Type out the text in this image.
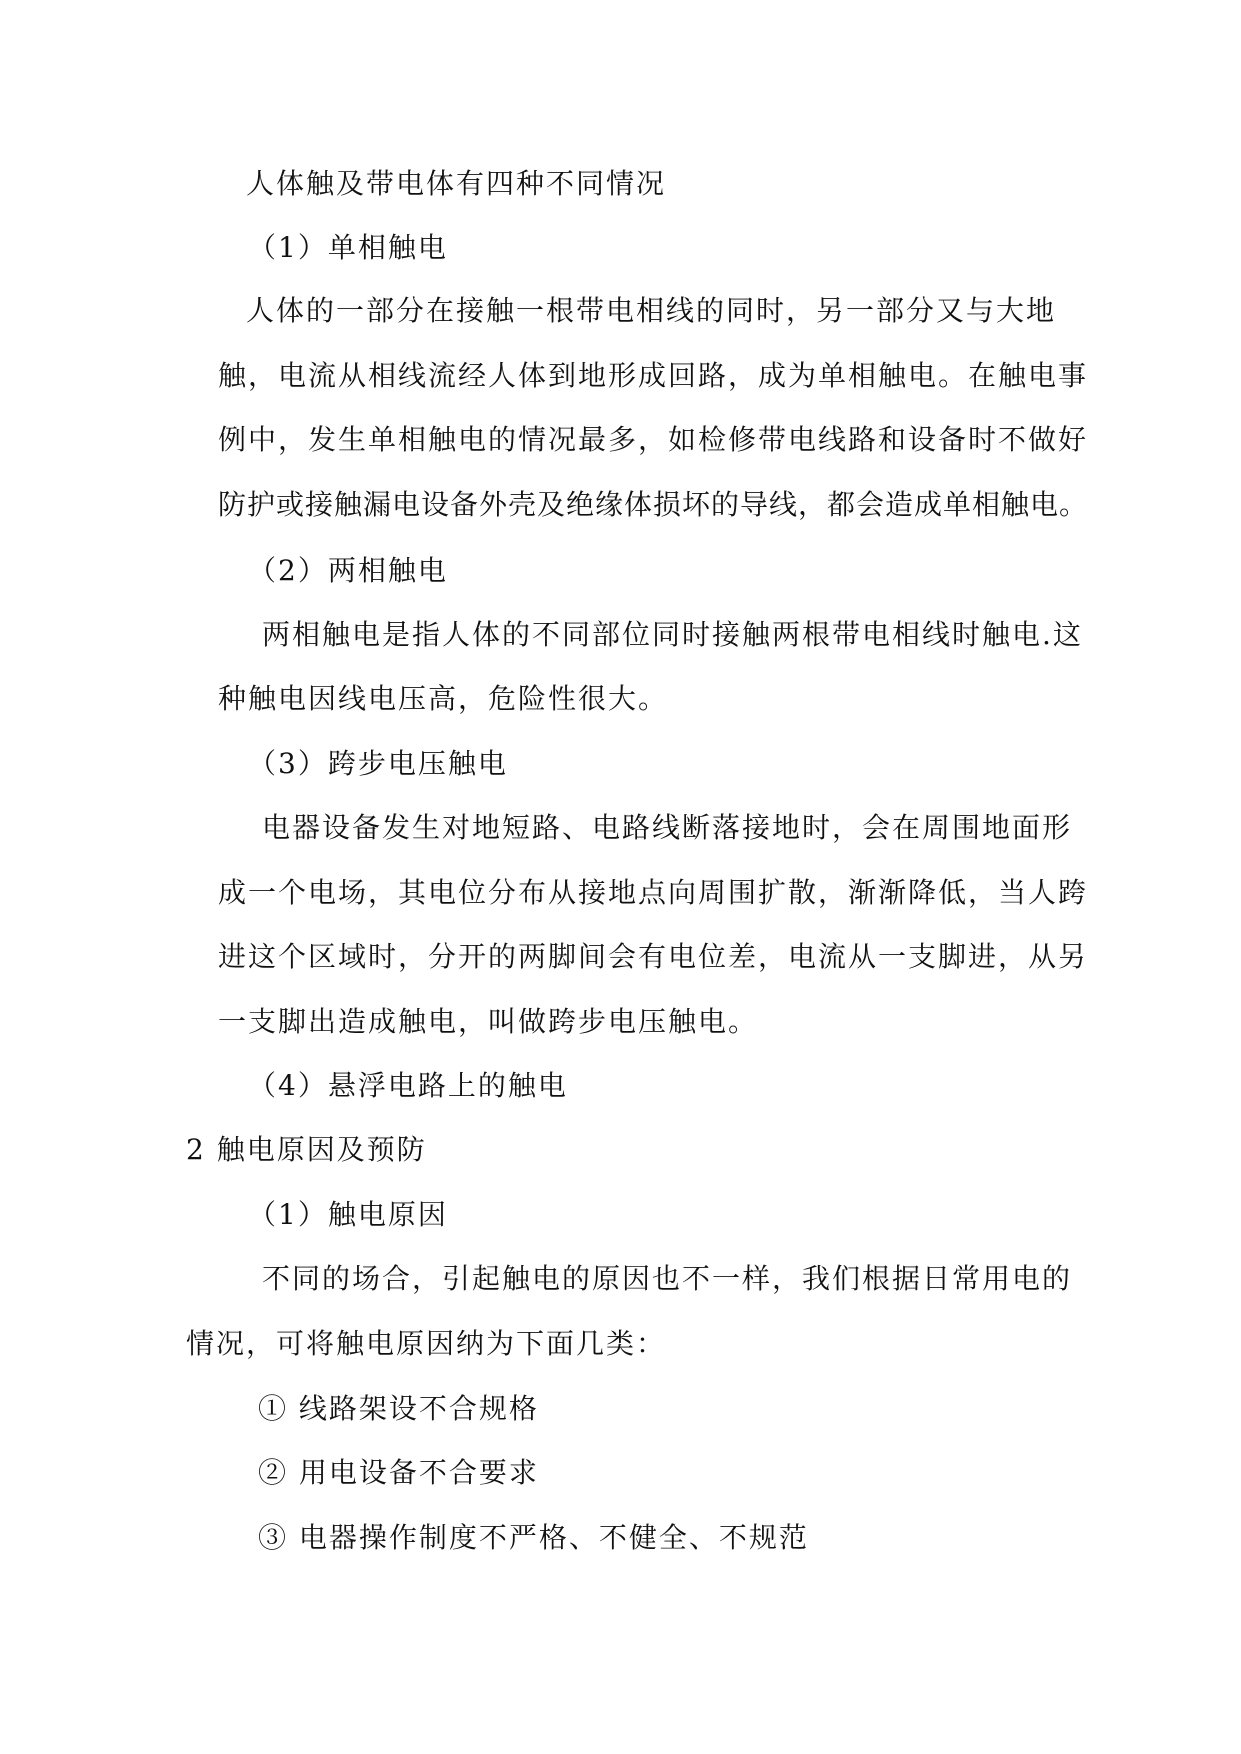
人体触及带电体有四种不同情况

（1）单相触电

人体的一部分在接触一根带电相线的同时，另一部分又与大地

触，电流从相线流经人体到地形成回路，成为单相触电。在触电事

例中，发生单相触电的情况最多，如检修带电线路和设备时不做好

防护或接触漏电设备外壳及绝缘体损坏的导线，都会造成单相触电。

（2）两相触电

两相触电是指人体的不同部位同时接触两根带电相线时触电.这

种触电因线电压高，危险性很大。

（3）跨步电压触电

电器设备发生对地短路、电路线断落接地时，会在周围地面形

成一个电场，其电位分布从接地点向周围扩散，渐渐降低，当人跨

进这个区域时，分开的两脚间会有电位差，电流从一支脚进，从另

一支脚出造成触电，叫做跨步电压触电。

（4）悬浮电路上的触电

2 触电原因及预防

（1）触电原因

不同的场合，引起触电的原因也不一样，我们根据日常用电的

情况，可将触电原因纳为下面几类：

① 线路架设不合规格

② 用电设备不合要求

③ 电器操作制度不严格、不健全、不规范
